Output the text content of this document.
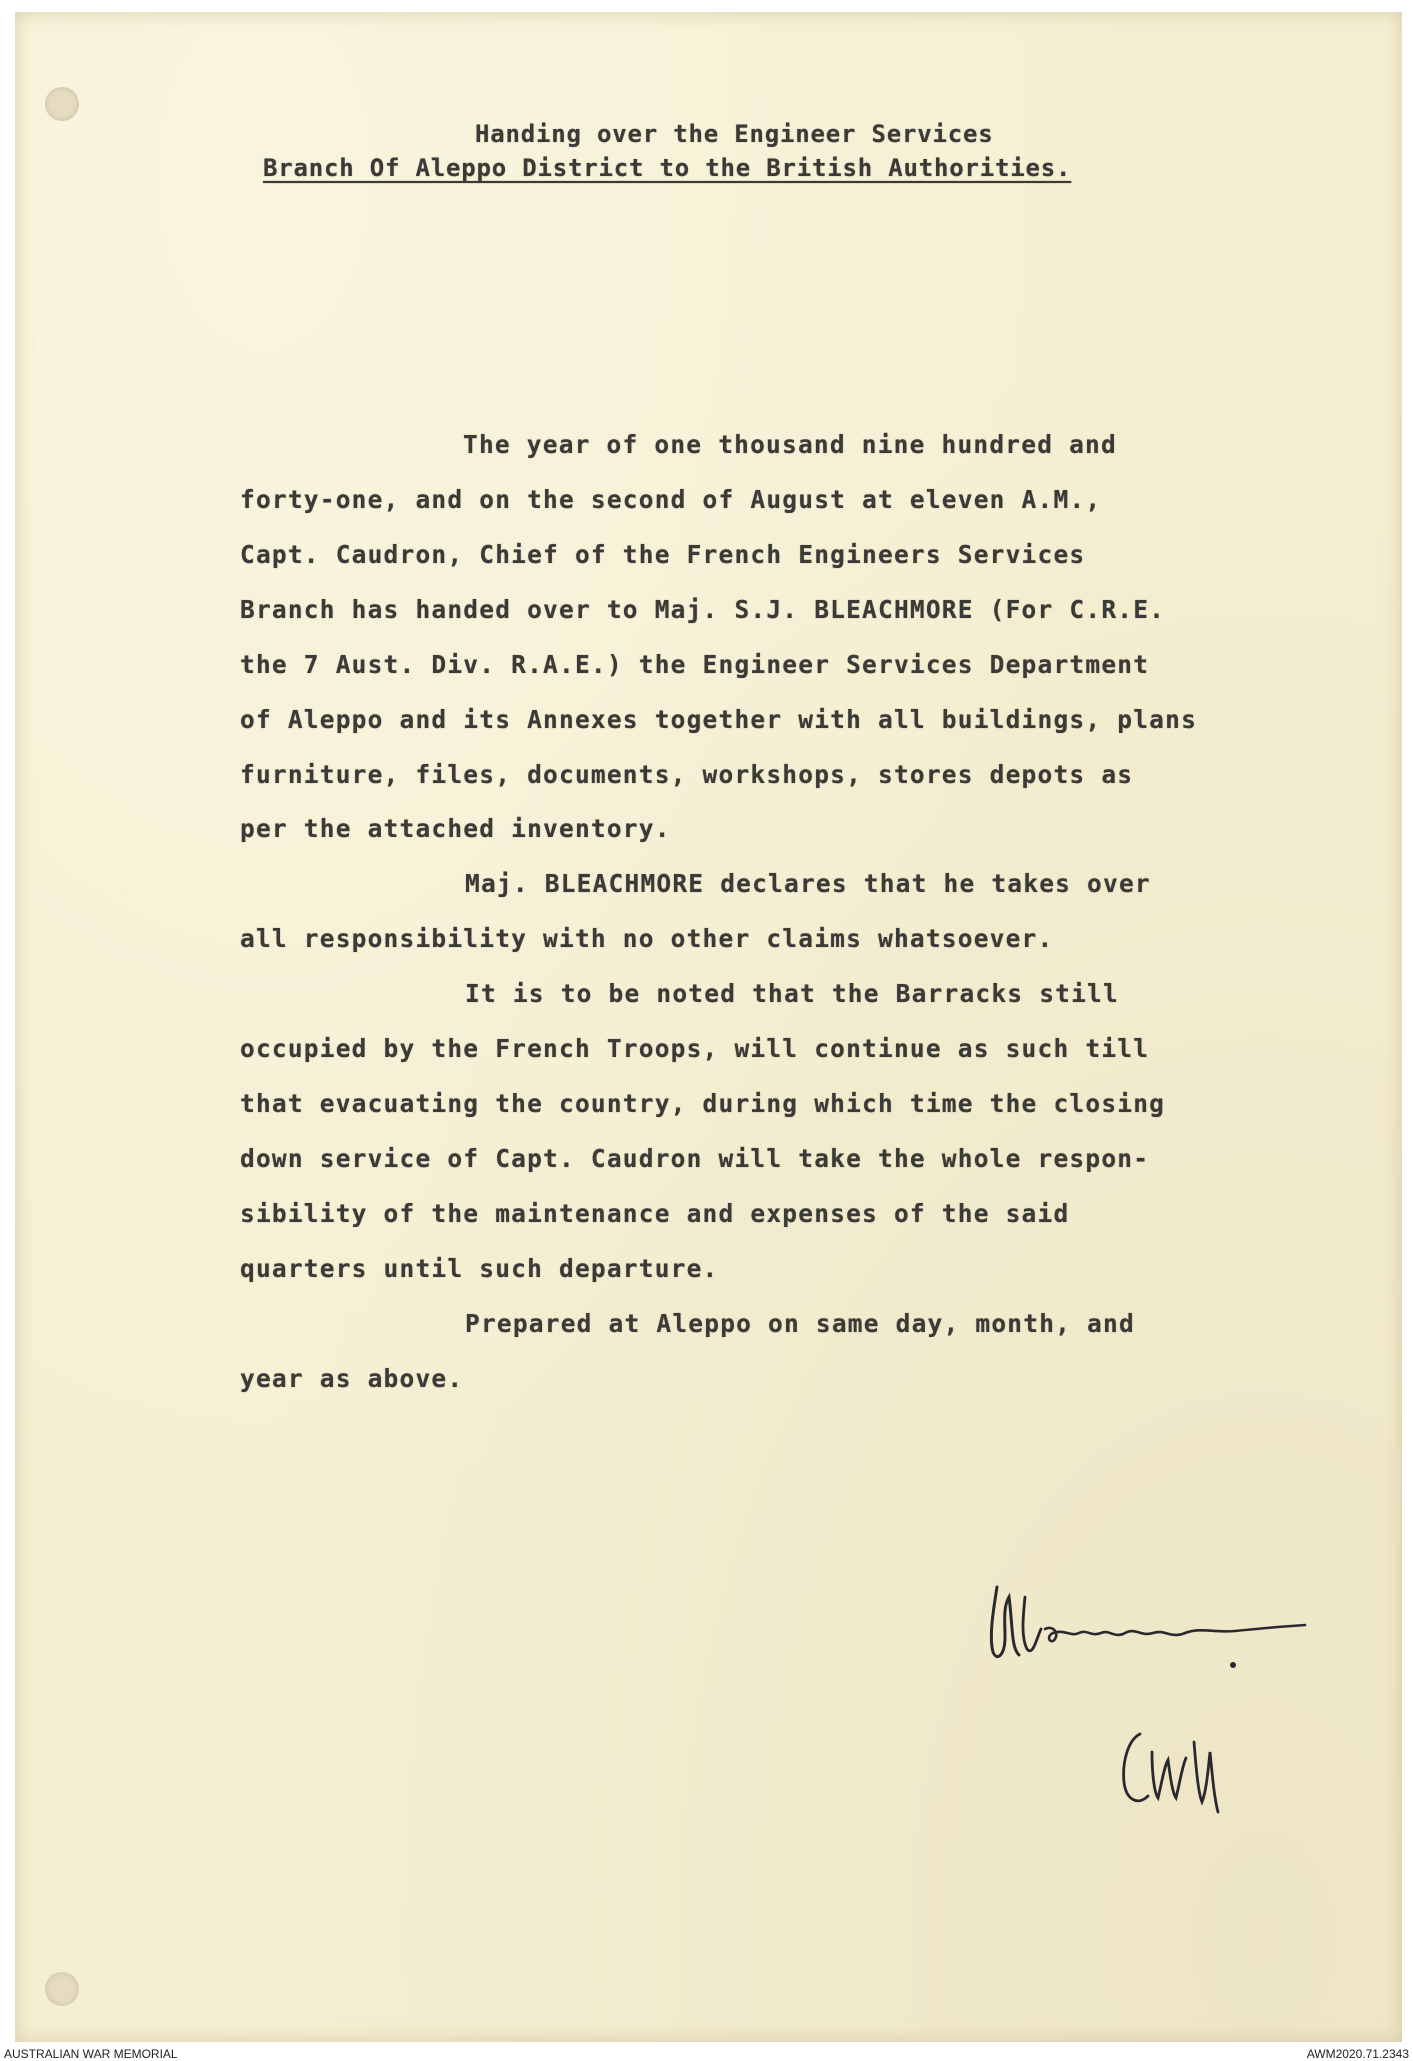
Handing over the Engineer Services
Branch Of Aleppo District to the British Authorities.
The year of one thousand nine hundred and
forty-one, and on the second of August at eleven A.M.,
Capt. Caudron, Chief of the French Engineers Services
Branch has handed over to Maj. S.J. BLEACHMORE (For C.R.E.
the 7 Aust. Div. R.A.E.) the Engineer Services Department
of Aleppo and its Annexes together with all buildings, plans
furniture, files, documents, workshops, stores depots as
per the attached inventory.
Maj. BLEACHMORE declares that he takes over
all responsibility with no other claims whatsoever.
It is to be noted that the Barracks still
occupied by the French Troops, will continue as such till
that evacuating the country, during which time the closing
down service of Capt. Caudron will take the whole respon-
sibility of the maintenance and expenses of the said
quarters until such departure.
Prepared at Aleppo on same day, month, and
year as above.
AUSTRALIAN WAR MEMORIAL	AWM2020.71.2343
